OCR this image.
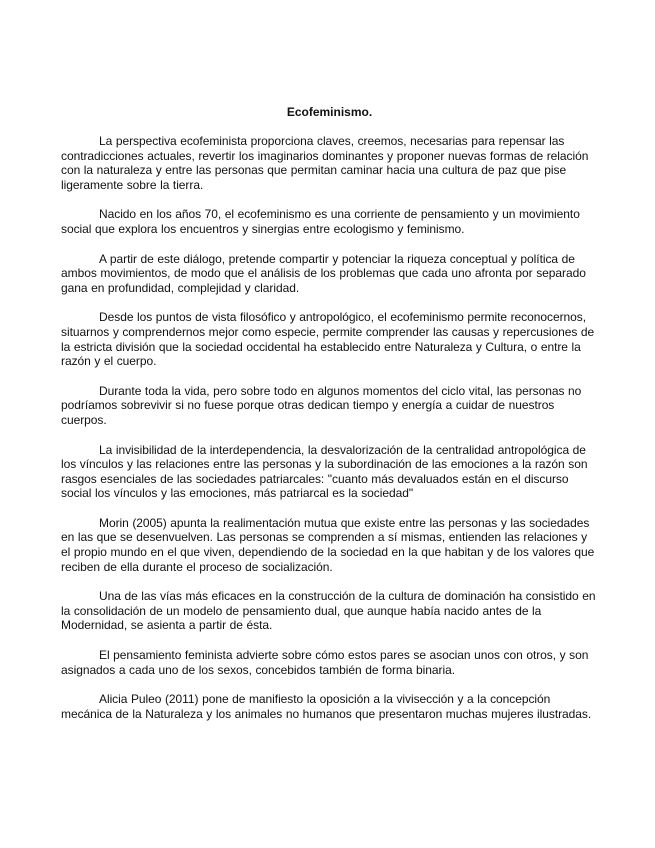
Ecofeminismo.

La perspectiva ecofeminista proporciona claves, creemos, necesarias para repensar las contradicciones actuales, revertir los imaginarios dominantes y proponer nuevas formas de relación con la naturaleza y entre las personas que permitan caminar hacia una cultura de paz que pise ligeramente sobre la tierra.

Nacido en los años 70, el ecofeminismo es una corriente de pensamiento y un movimiento social que explora los encuentros y sinergias entre ecologismo y feminismo.

A partir de este diálogo, pretende compartir y potenciar la riqueza conceptual y política de ambos movimientos, de modo que el análisis de los problemas que cada uno afronta por separado gana en profundidad, complejidad y claridad.

Desde los puntos de vista filosófico y antropológico, el ecofeminismo permite reconocernos, situarnos y comprendernos mejor como especie, permite comprender las causas y repercusiones de la estricta división que la sociedad occidental ha establecido entre Naturaleza y Cultura, o entre la razón y el cuerpo.

Durante toda la vida, pero sobre todo en algunos momentos del ciclo vital, las personas no podríamos sobrevivir si no fuese porque otras dedican tiempo y energía a cuidar de nuestros cuerpos.

La invisibilidad de la interdependencia, la desvalorización de la centralidad antropológica de los vínculos y las relaciones entre las personas y la subordinación de las emociones a la razón son rasgos esenciales de las sociedades patriarcales: "cuanto más devaluados están en el discurso social los vínculos y las emociones, más patriarcal es la sociedad"

Morin (2005) apunta la realimentación mutua que existe entre las personas y las sociedades en las que se desenvuelven. Las personas se comprenden a sí mismas, entienden las relaciones y el propio mundo en el que viven, dependiendo de la sociedad en la que habitan y de los valores que reciben de ella durante el proceso de socialización.

Una de las vías más eficaces en la construcción de la cultura de dominación ha consistido en la consolidación de un modelo de pensamiento dual, que aunque había nacido antes de la Modernidad, se asienta a partir de ésta.

El pensamiento feminista advierte sobre cómo estos pares se asocian unos con otros, y son asignados a cada uno de los sexos, concebidos también de forma binaria.

Alicia Puleo (2011) pone de manifiesto la oposición a la vivisección y a la concepción mecánica de la Naturaleza y los animales no humanos que presentaron muchas mujeres ilustradas.
